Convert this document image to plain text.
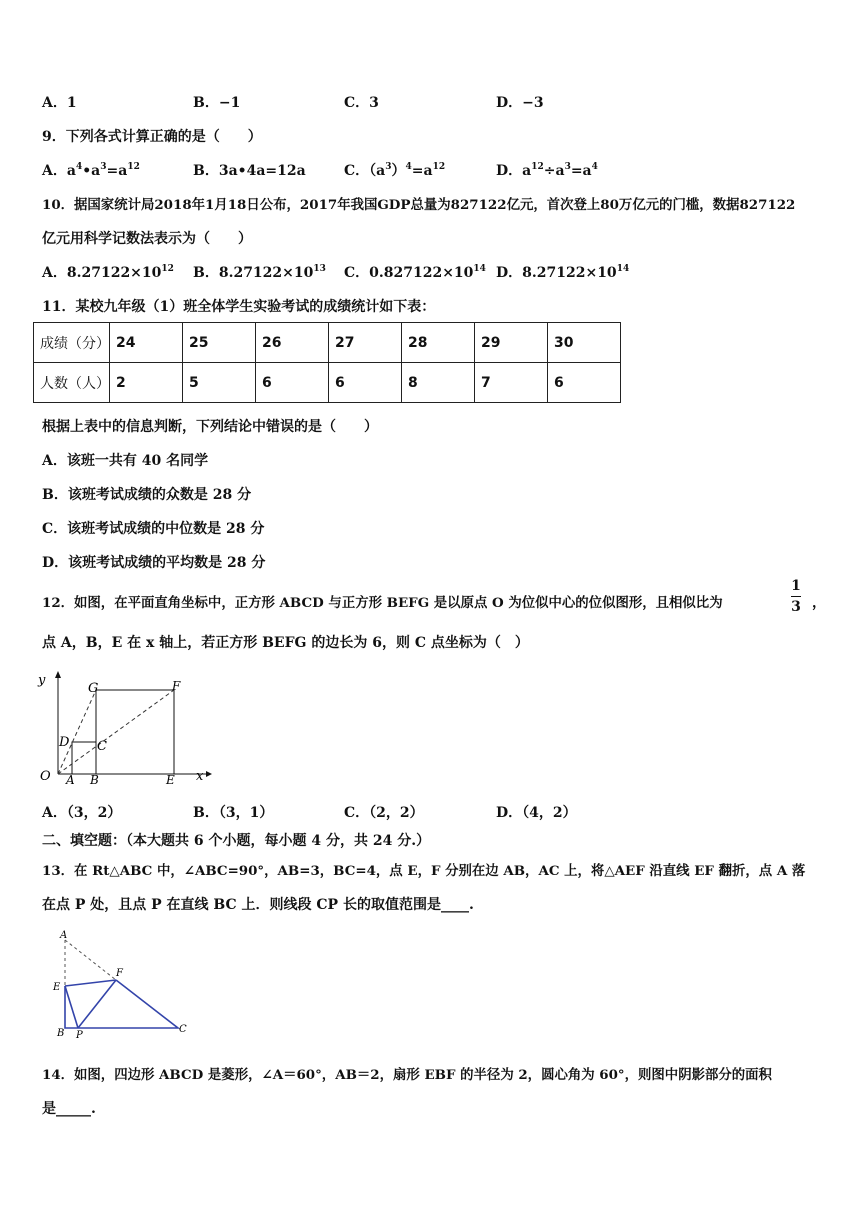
A．1	B．−1	C．3	D．−3
9．下列各式计算正确的是（　　）
A．$a^4•a^3=a^{12}$	B．3a•4a=12a	C．$(a^3)^4=a^{12}$	D．$a^{12}\div a^3=a^4$
10．据国家统计局2018年1月18日公布，2017年我国GDP总量为827122亿元，首次登上80万亿元的门槛，数据827122
亿元用科学记数法表示为（　　）
A．$8.27122\times 10^{12}$ B．$8.27122\times 10^{13}$ C．$0.827122\times 10^{14}$ D．$8.27122\times 10^{14}$
11．某校九年级（1）班全体学生实验考试的成绩统计如下表：
成绩（分）	24	25	26	27	28	29	30
人数（人）	2	5	6	6	8	7	6
根据上表中的信息判断，下列结论中错误的是（　　）
A．该班一共有 40 名同学
B．该班考试成绩的众数是 28 分
C．该班考试成绩的中位数是 28 分
D．该班考试成绩的平均数是 28 分
12．如图，在平面直角坐标中，正方形 ABCD 与正方形 BEFG 是以原点 O 为位似中心的位似图形，且相似比为
1
3 ，
点 A，B，E 在 x 轴上，若正方形 BEFG 的边长为 6，则 C 点坐标为（　）
y
x
O A B	E
C
D
G	F
A．（3，2）	B．（3，1）	C．（2，2）	D．（4，2）
二、填空题：（本大题共 6 个小题，每小题 4 分，共 24 分.）
13．在 Rt△ABC 中，∠ABC=90°，AB=3，BC=4，点 E，F 分别在边 AB，AC 上，将△AEF 沿直线 EF 翻折，点 A 落
在点 P 处，且点 P 在直线 BC 上．则线段 CP 长的取值范围是____.
A
E
F
B P
C
14．如图，四边形 ABCD 是菱形，∠A＝60°，AB＝2，扇形 EBF 的半径为 2，圆心角为 60°，则图中阴影部分的面积
是_____.
